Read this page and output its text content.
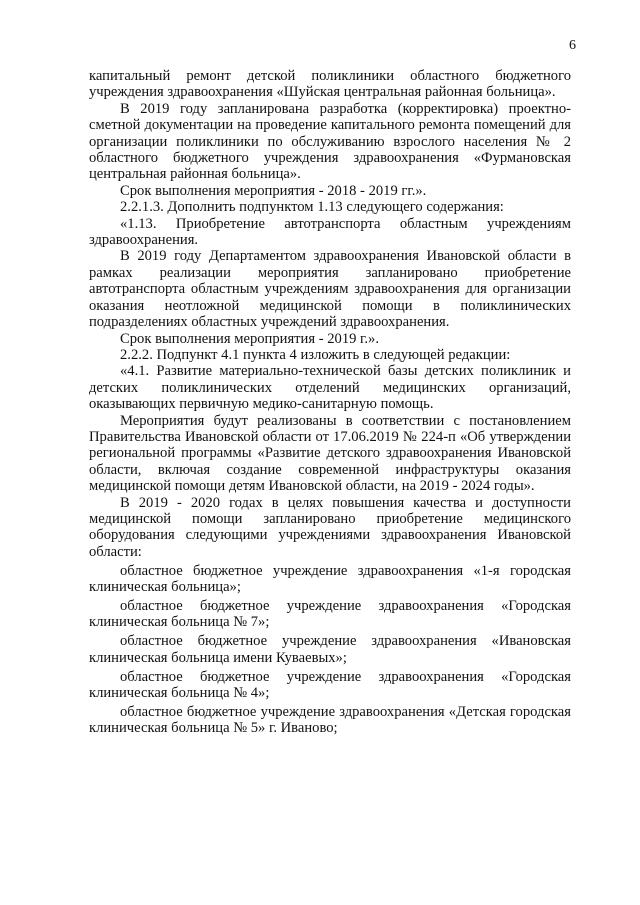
6

капитальный ремонт детской поликлиники областного бюджетного учреждения здравоохранения «Шуйская центральная районная больница».

В 2019 году запланирована разработка (корректировка) проектно-сметной документации на проведение капитального ремонта помещений для организации поликлиники по обслуживанию взрослого населения № 2 областного бюджетного учреждения здравоохранения «Фурмановская центральная районная больница».

Срок выполнения мероприятия - 2018 - 2019 гг.».

2.2.1.3. Дополнить подпунктом 1.13 следующего содержания:

«1.13. Приобретение автотранспорта областным учреждениям здравоохранения.

В 2019 году Департаментом здравоохранения Ивановской области в рамках реализации мероприятия запланировано приобретение автотранспорта областным учреждениям здравоохранения для организации оказания неотложной медицинской помощи в поликлинических подразделениях областных учреждений здравоохранения.

Срок выполнения мероприятия - 2019 г.».

2.2.2. Подпункт 4.1 пункта 4 изложить в следующей редакции:

«4.1. Развитие материально-технической базы детских поликлиник и детских поликлинических отделений медицинских организаций, оказывающих первичную медико-санитарную помощь.

Мероприятия будут реализованы в соответствии с постановлением Правительства Ивановской области от 17.06.2019 № 224-п «Об утверждении региональной программы «Развитие детского здравоохранения Ивановской области, включая создание современной инфраструктуры оказания медицинской помощи детям Ивановской области, на 2019 - 2024 годы».

В 2019 - 2020 годах в целях повышения качества и доступности медицинской помощи запланировано приобретение медицинского оборудования следующими учреждениями здравоохранения Ивановской области:

областное бюджетное учреждение здравоохранения «1-я городская клиническая больница»;

областное бюджетное учреждение здравоохранения «Городская клиническая больница № 7»;

областное бюджетное учреждение здравоохранения «Ивановская клиническая больница имени Куваевых»;

областное бюджетное учреждение здравоохранения «Городская клиническая больница № 4»;

областное бюджетное учреждение здравоохранения «Детская городская клиническая больница № 5» г. Иваново;
